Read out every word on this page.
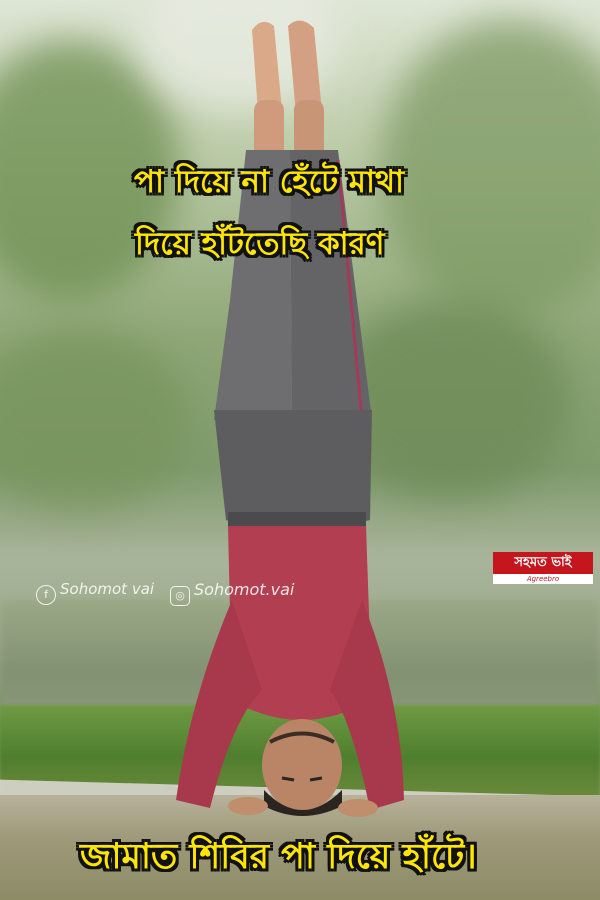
পা দিয়ে না হেঁটে মাথা
দিয়ে হাঁটতেছি কারণ
জামাত শিবির পা দিয়ে হাঁটে।
f Sohomot vai	◎ Sohomot.vai
সহমত ভাই
Agreebro
